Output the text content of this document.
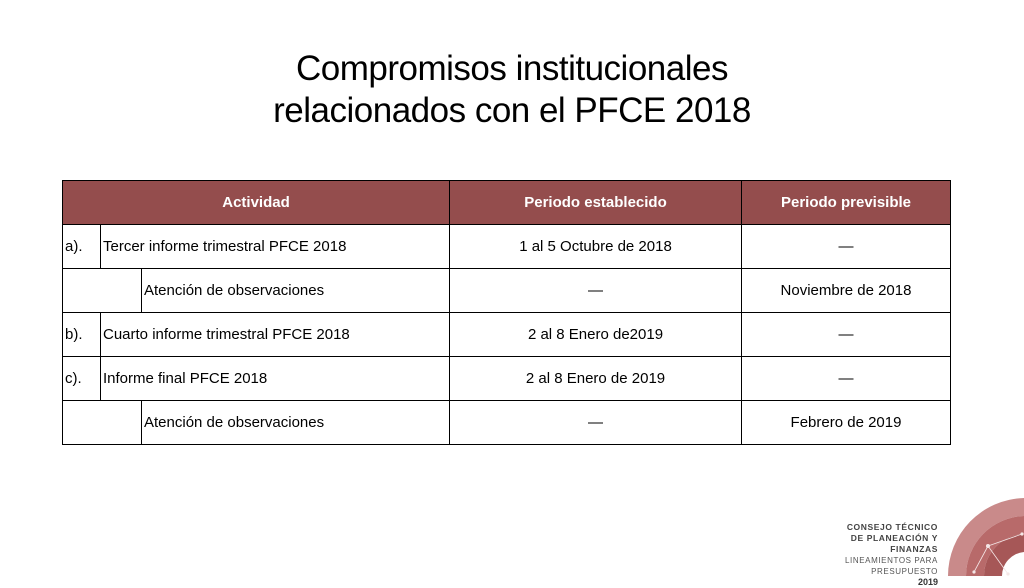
Compromisos institucionales
relacionados con el PFCE 2018
Actividad			Periodo establecido	Periodo previsible
a).	Tercer informe trimestral PFCE 2018		1 al 5 Octubre de 2018	—
		Atención de observaciones	—	Noviembre de 2018
b).	Cuarto informe trimestral PFCE 2018		2 al 8 Enero de2019	—
c).	Informe final PFCE 2018		2 al 8 Enero de 2019	—
		Atención de observaciones	—	Febrero de 2019
CONSEJO TÉCNICO
DE PLANEACIÓN Y FINANZAS
LINEAMIENTOS PARA PRESUPUESTO
2019
